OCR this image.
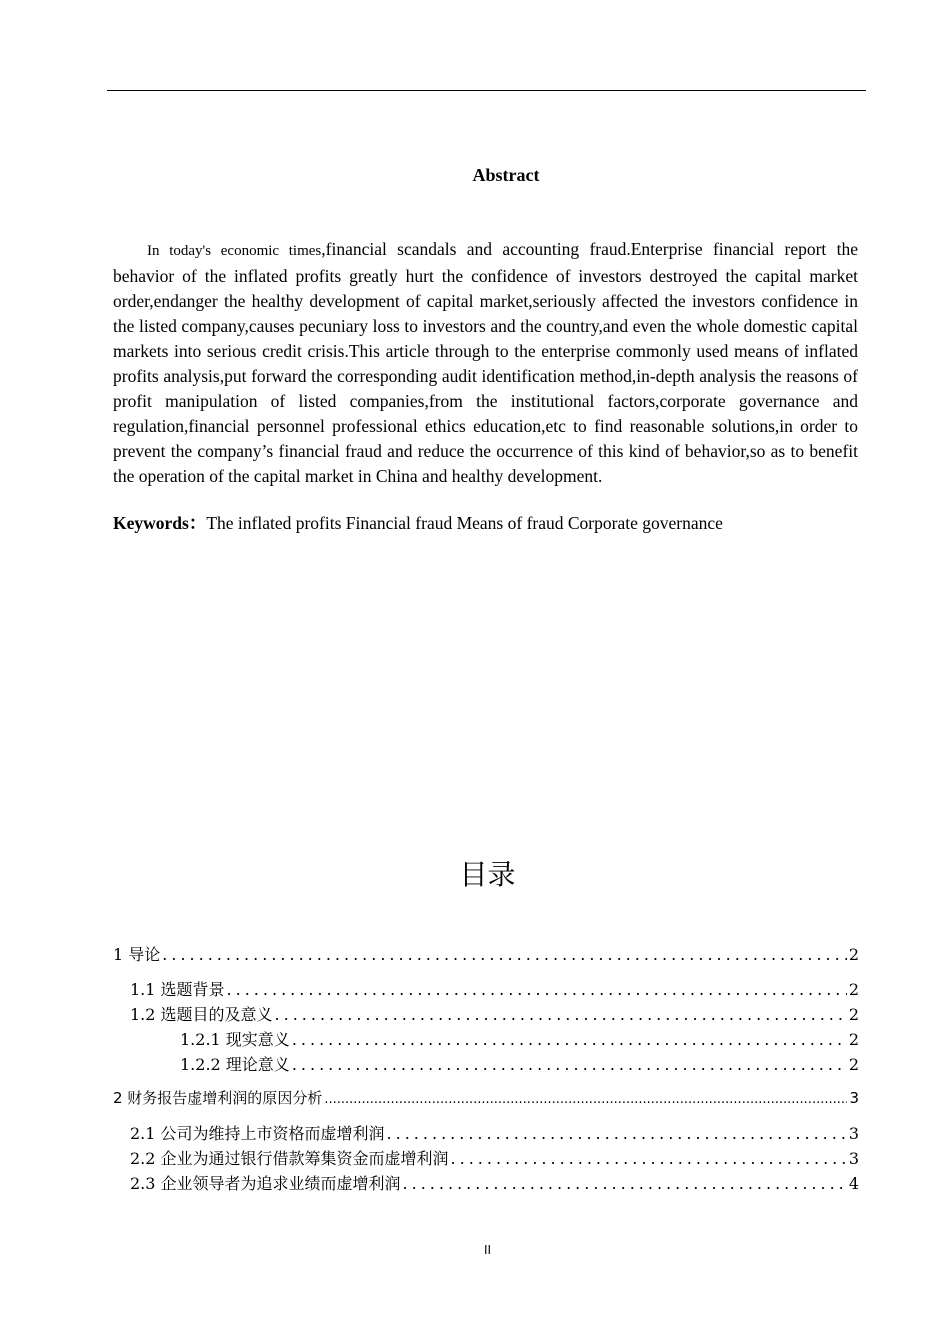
Abstract
In today's economic times,financial scandals and accounting fraud.Enterprise financial report the behavior of the inflated profits greatly hurt the confidence of investors destroyed the capital market order,endanger the healthy development of capital market,seriously affected the investors confidence in the listed company,causes pecuniary loss to investors and the country,and even the whole domestic capital markets into serious credit crisis.This article through to the enterprise commonly used means of inflated profits analysis,put forward the corresponding audit identification method,in-depth analysis the reasons of profit manipulation of listed companies,from the institutional factors,corporate governance and regulation,financial personnel professional ethics education,etc to find reasonable solutions,in order to prevent the company’s financial fraud and reduce the occurrence of this kind of behavior,so as to benefit the operation of the capital market in China and healthy development.
Keywords：The inflated profits Financial fraud Means of fraud Corporate governance
目录
1 导论 .....	2
1.1 选题背景 .....	2
1.2 选题目的及意义 .....	2
1.2.1 现实意义 .....	2
1.2.2 理论意义 .....	2
2 财务报告虚增利润的原因分析 .....	3
2.1 公司为维持上市资格而虚增利润 .....	3
2.2 企业为通过银行借款筹集资金而虚增利润 .....	3
2.3 企业领导者为追求业绩而虚增利润 .....	4
II
